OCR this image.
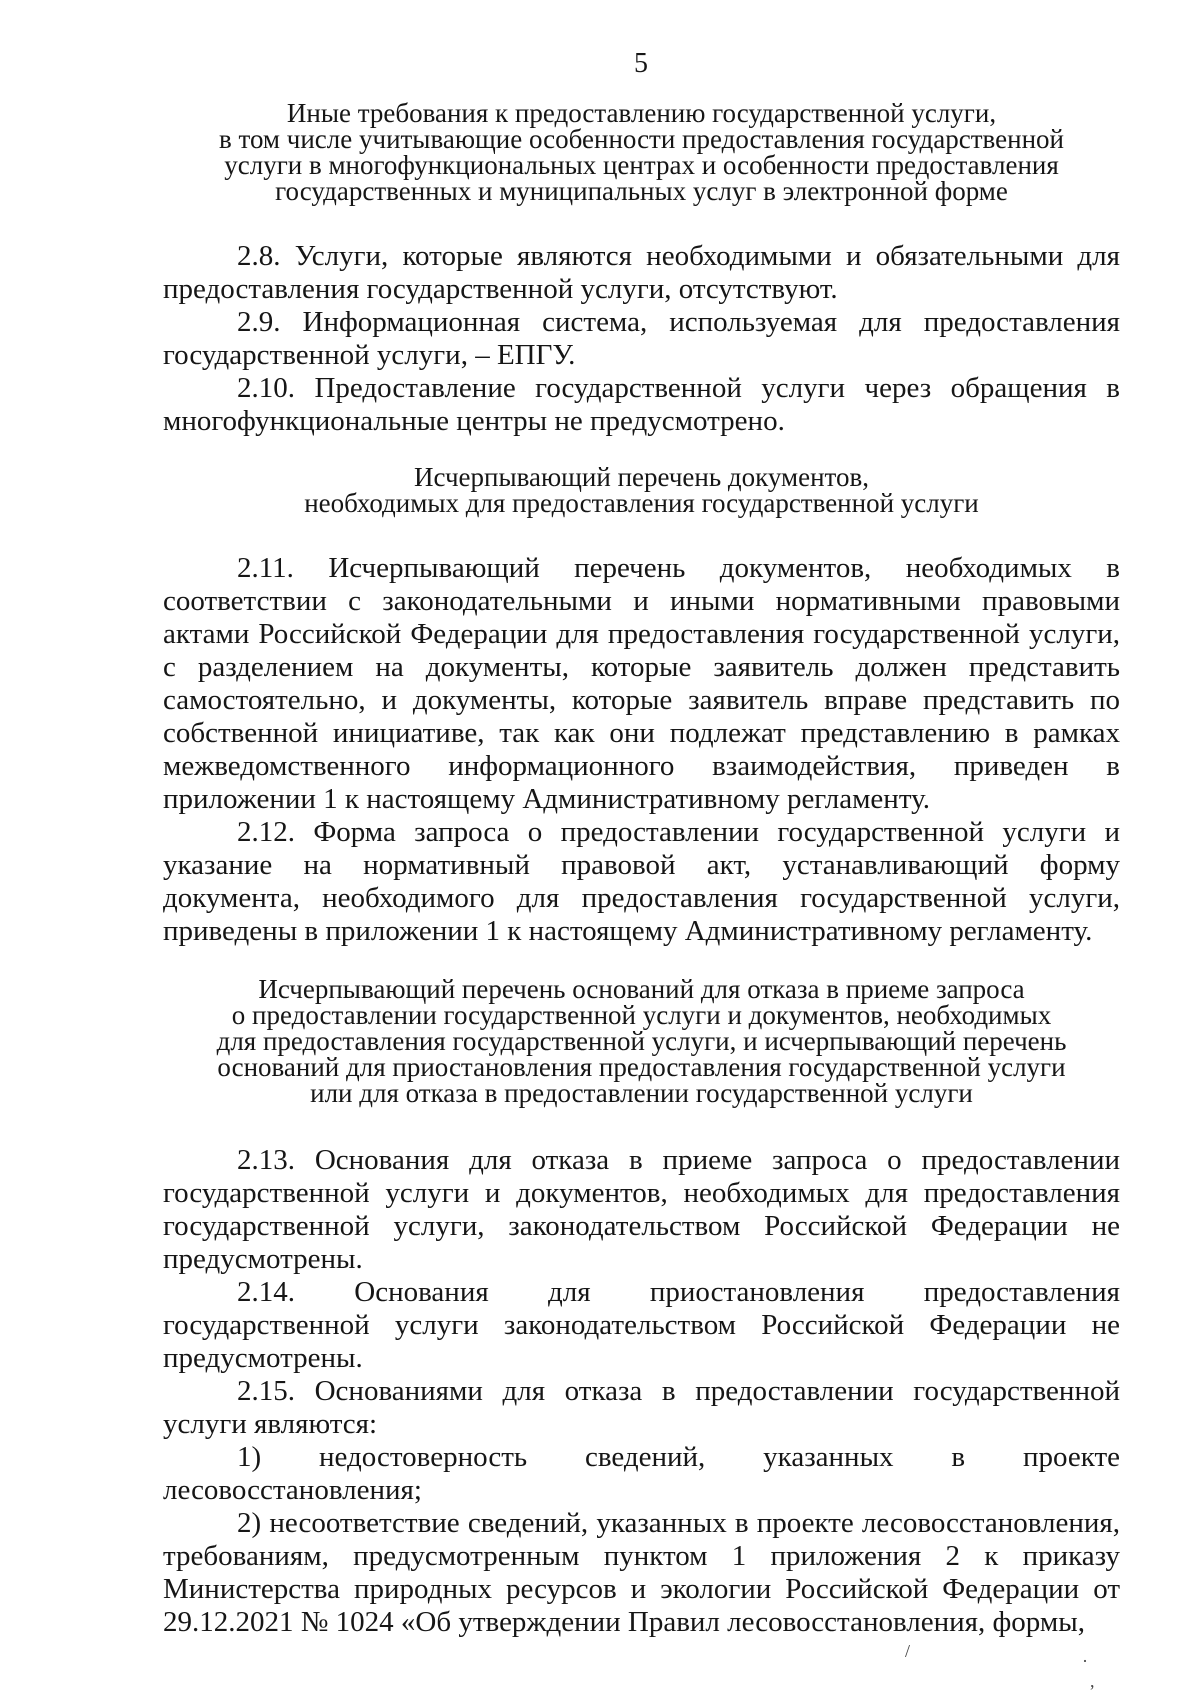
5
Иные требования к предоставлению государственной услуги,
в том числе учитывающие особенности предоставления государственной
услуги в многофункциональных центрах и особенности предоставления
государственных и муниципальных услуг в электронной форме

2.8. Услуги, которые являются необходимыми и обязательными для предоставления государственной услуги, отсутствуют.

2.9. Информационная система, используемая для предоставления государственной услуги, – ЕПГУ.

2.10. Предоставление государственной услуги через обращения в многофункциональные центры не предусмотрено.

Исчерпывающий перечень документов,
необходимых для предоставления государственной услуги

2.11. Исчерпывающий перечень документов, необходимых в соответствии с законодательными и иными нормативными правовыми актами Российской Федерации для предоставления государственной услуги, с разделением на документы, которые заявитель должен представить самостоятельно, и документы, которые заявитель вправе представить по собственной инициативе, так как они подлежат представлению в рамках межведомственного информационного взаимодействия, приведен в приложении 1 к настоящему Административному регламенту.

2.12. Форма запроса о предоставлении государственной услуги и указание на нормативный правовой акт, устанавливающий форму документа, необходимого для предоставления государственной услуги, приведены в приложении 1 к настоящему Административному регламенту.

Исчерпывающий перечень оснований для отказа в приеме запроса
о предоставлении государственной услуги и документов, необходимых
для предоставления государственной услуги, и исчерпывающий перечень
оснований для приостановления предоставления государственной услуги
или для отказа в предоставлении государственной услуги

2.13. Основания для отказа в приеме запроса о предоставлении государственной услуги и документов, необходимых для предоставления государственной услуги, законодательством Российской Федерации не предусмотрены.

2.14. Основания для приостановления предоставления государственной услуги законодательством Российской Федерации не предусмотрены.

2.15. Основаниями для отказа в предоставлении государственной услуги являются:

1) недостоверность сведений, указанных в проекте лесовосстановления;

2) несоответствие сведений, указанных в проекте лесовосстановления, требованиям, предусмотренным пунктом 1 приложения 2 к приказу Министерства природных ресурсов и экологии Российской Федерации от 29.12.2021 № 1024 «Об утверждении Правил лесовосстановления, формы,

/	·
,
